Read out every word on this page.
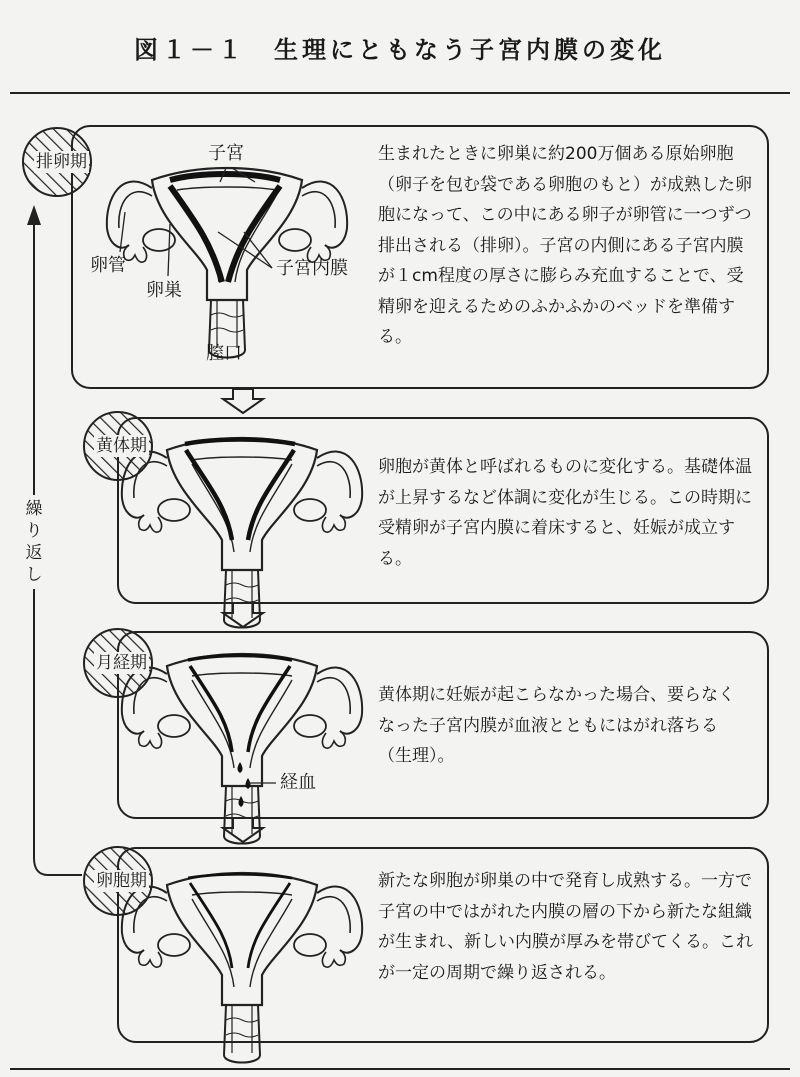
図１－１　生理にともなう子宮内膜の変化
排卵期
黄体期
月経期
卵胞期
子宮
卵管
卵巣
子宮内膜
膣口
経血
繰り返し
生まれたときに卵巣に約200万個ある原始卵胞（卵子を包む袋である卵胞のもと）が成熟した卵胞になって、この中にある卵子が卵管に一つずつ排出される（排卵）。子宮の内側にある子宮内膜が１cm程度の厚さに膨らみ充血することで、受精卵を迎えるためのふかふかのベッドを準備する。
卵胞が黄体と呼ばれるものに変化する。基礎体温が上昇するなど体調に変化が生じる。この時期に受精卵が子宮内膜に着床すると、妊娠が成立する。
黄体期に妊娠が起こらなかった場合、要らなくなった子宮内膜が血液とともにはがれ落ちる（生理）。
新たな卵胞が卵巣の中で発育し成熟する。一方で子宮の中ではがれた内膜の層の下から新たな組織が生まれ、新しい内膜が厚みを帯びてくる。これが一定の周期で繰り返される。
